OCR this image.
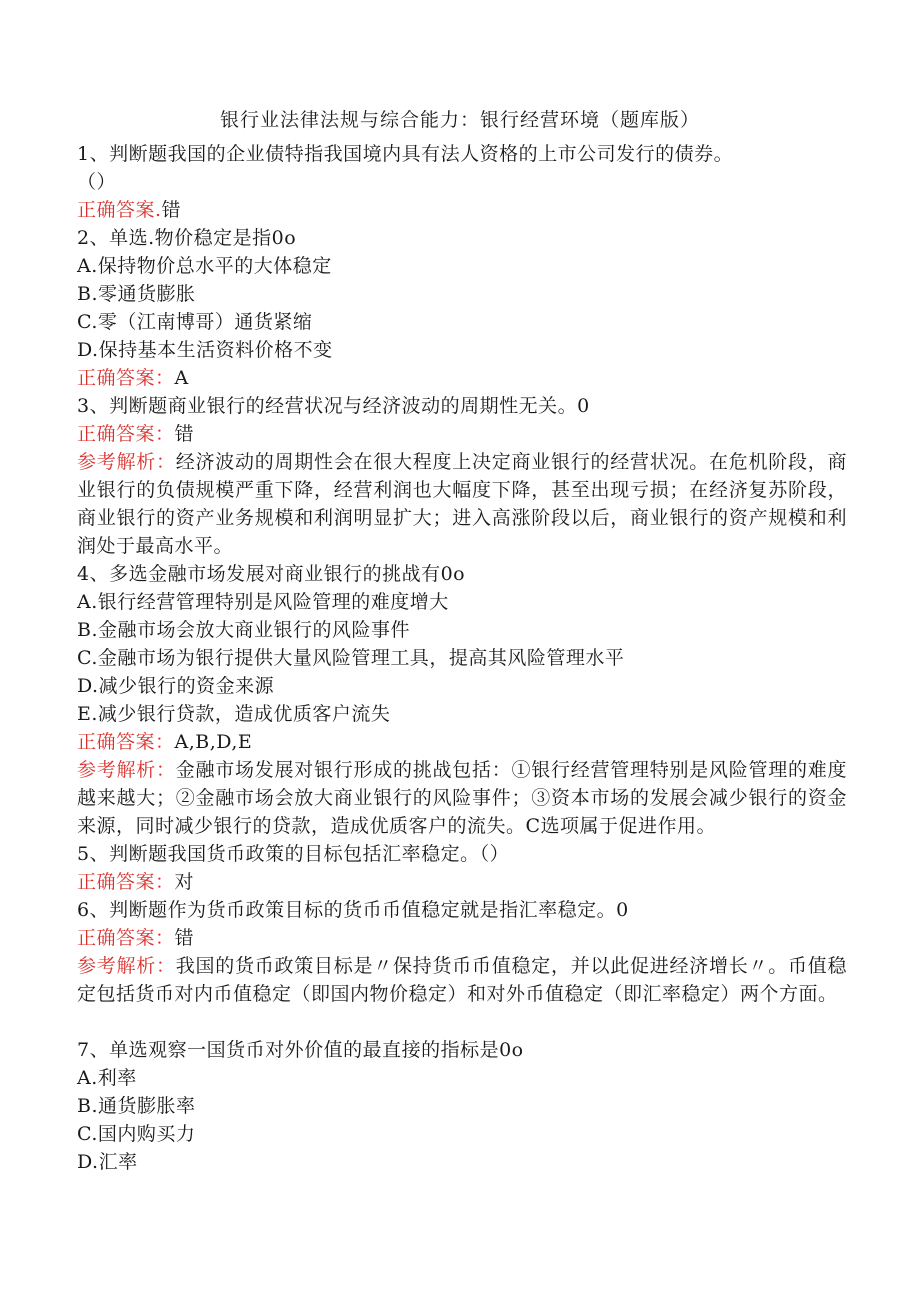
银行业法律法规与综合能力：银行经营环境（题库版）
1、判断题我国的企业债特指我国境内具有法人资格的上市公司发行的债券。
（）
正确答案.错
2、单选.物价稳定是指0o
A.保持物价总水平的大体稳定
B.零通货膨胀
C.零（江南博哥）通货紧缩
D.保持基本生活资料价格不变
正确答案：A
3、判断题商业银行的经营状况与经济波动的周期性无关。0
正确答案：错
参考解析：经济波动的周期性会在很大程度上决定商业银行的经营状况。在危机阶段，商业银行的负债规模严重下降，经营利润也大幅度下降，甚至出现亏损；在经济复苏阶段，商业银行的资产业务规模和利润明显扩大；进入高涨阶段以后，商业银行的资产规模和利润处于最高水平。
4、多选金融市场发展对商业银行的挑战有0o
A.银行经营管理特别是风险管理的难度增大
B.金融市场会放大商业银行的风险事件
C.金融市场为银行提供大量风险管理工具，提高其风险管理水平
D.减少银行的资金来源
E.减少银行贷款，造成优质客户流失
正确答案：A,B,D,E
参考解析：金融市场发展对银行形成的挑战包括：①银行经营管理特别是风险管理的难度越来越大；②金融市场会放大商业银行的风险事件；③资本市场的发展会减少银行的资金来源，同时减少银行的贷款，造成优质客户的流失。C选项属于促进作用。
5、判断题我国货币政策的目标包括汇率稳定。（）
正确答案：对
6、判断题作为货币政策目标的货币币值稳定就是指汇率稳定。0
正确答案：错
参考解析：我国的货币政策目标是〃保持货币币值稳定，并以此促进经济增长〃。币值稳定包括货币对内币值稳定（即国内物价稳定）和对外币值稳定（即汇率稳定）两个方面。
7、单选观察一国货币对外价值的最直接的指标是0o
A.利率
B.通货膨胀率
C.国内购买力
D.汇率
